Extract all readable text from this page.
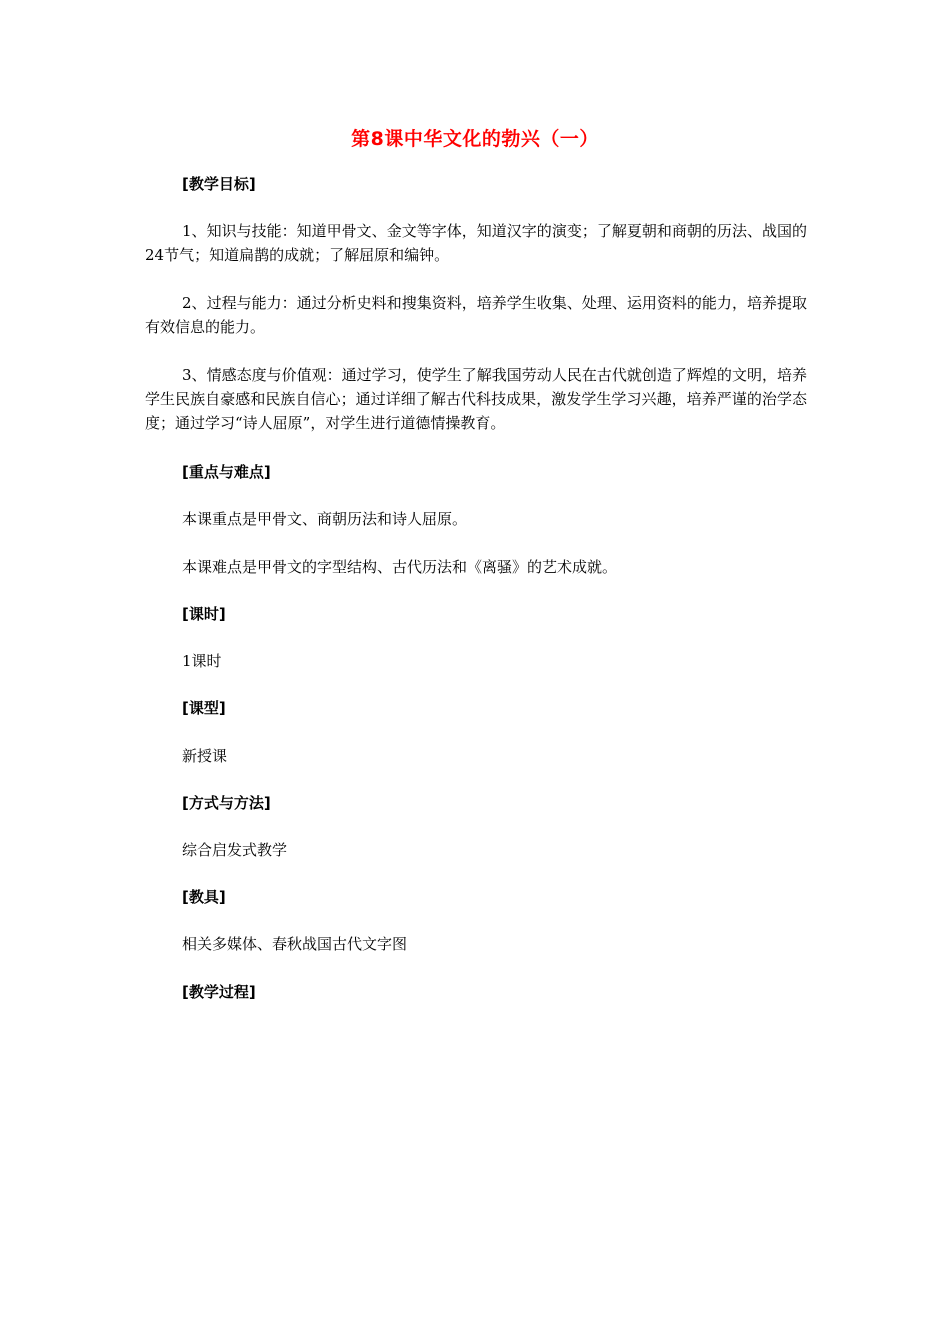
第8课中华文化的勃兴（一）
[教学目标]
1、知识与技能：知道甲骨文、金文等字体，知道汉字的演变；了解夏朝和商朝的历法、战国的24节气；知道扁鹊的成就；了解屈原和编钟。
2、过程与能力：通过分析史料和搜集资料，培养学生收集、处理、运用资料的能力，培养提取有效信息的能力。
3、情感态度与价值观：通过学习，使学生了解我国劳动人民在古代就创造了辉煌的文明，培养学生民族自豪感和民族自信心；通过详细了解古代科技成果，激发学生学习兴趣，培养严谨的治学态度；通过学习“诗人屈原”，对学生进行道德情操教育。
[重点与难点]
本课重点是甲骨文、商朝历法和诗人屈原。
本课难点是甲骨文的字型结构、古代历法和《离骚》的艺术成就。
[课时]
1课时
[课型]
新授课
[方式与方法]
综合启发式教学
[教具]
相关多媒体、春秋战国古代文字图
[教学过程]
